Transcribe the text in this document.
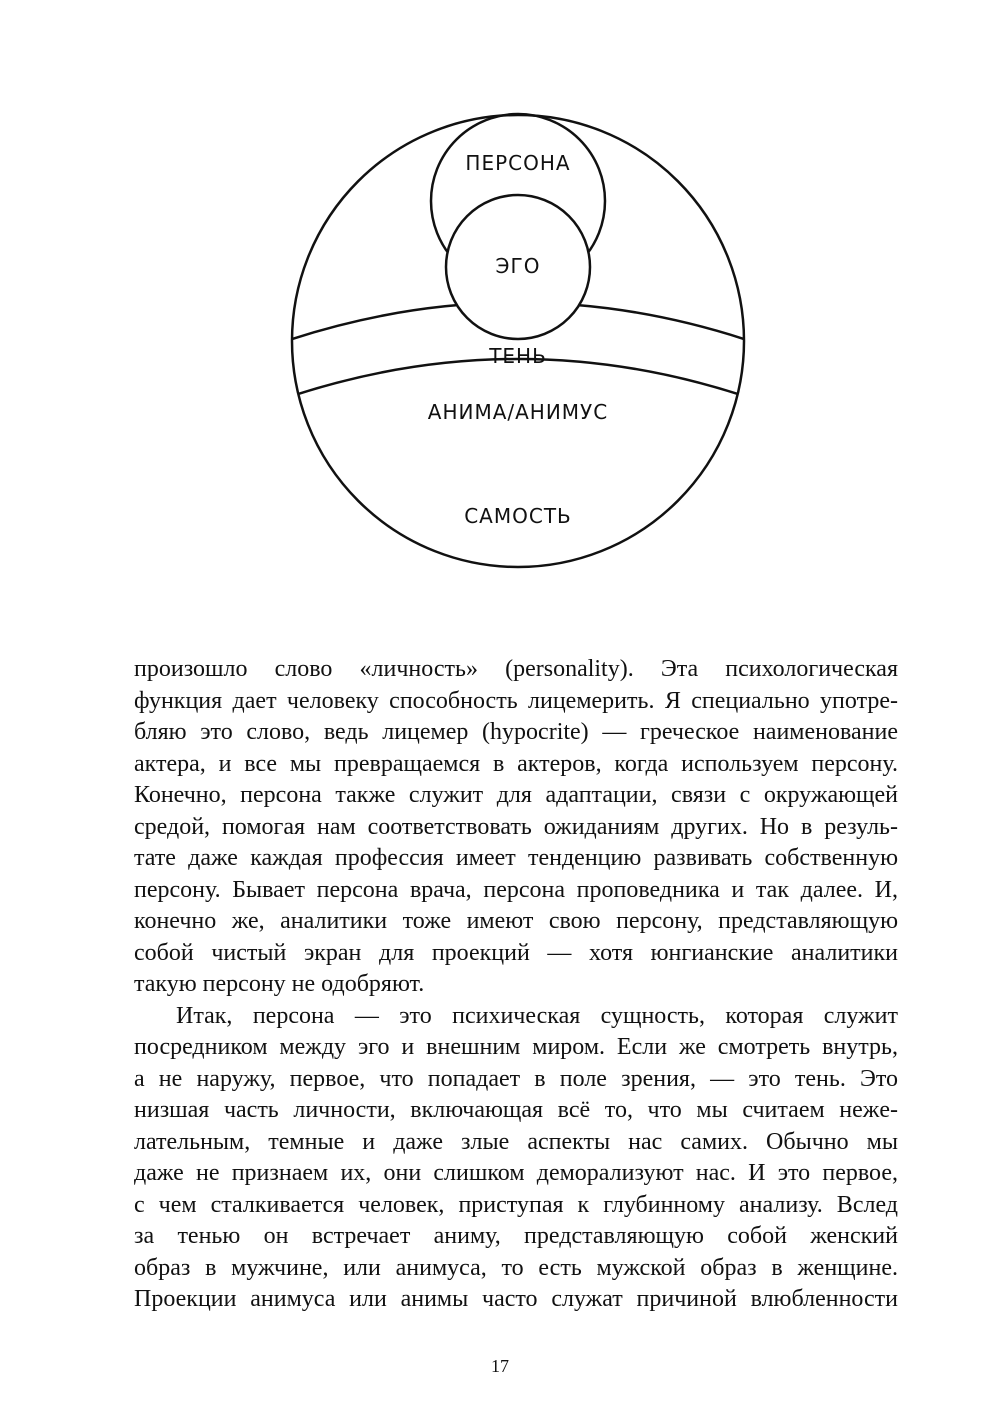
ПЕРСОНА
ЭГО
ТЕНЬ
АНИМА/АНИМУС
САМОСТЬ

произошло слово «личность» (personality). Эта психологическая
функция дает человеку способность лицемерить. Я специально употре-
бляю это слово, ведь лицемер (hypocrite) — греческое наименование
актера, и все мы превращаемся в актеров, когда используем персону.
Конечно, персона также служит для адаптации, связи с окружающей
средой, помогая нам соответствовать ожиданиям других. Но в резуль-
тате даже каждая профессия имеет тенденцию развивать собственную
персону. Бывает персона врача, персона проповедника и так далее. И,
конечно же, аналитики тоже имеют свою персону, представляющую
собой чистый экран для проекций — хотя юнгианские аналитики
такую персону не одобряют.

Итак, персона — это психическая сущность, которая служит
посредником между эго и внешним миром. Если же смотреть внутрь,
а не наружу, первое, что попадает в поле зрения, — это тень. Это
низшая часть личности, включающая всё то, что мы считаем нежe-
лательным, темные и даже злые аспекты нас самих. Обычно мы
даже не признаем их, они слишком деморализуют нас. И это первое,
с чем сталкивается человек, приступая к глубинному анализу. Вслед
за тенью он встречает аниму, представляющую собой женский
образ в мужчине, или анимуса, то есть мужской образ в женщине.
Проекции анимуса или анимы часто служат причиной влюбленности

17
